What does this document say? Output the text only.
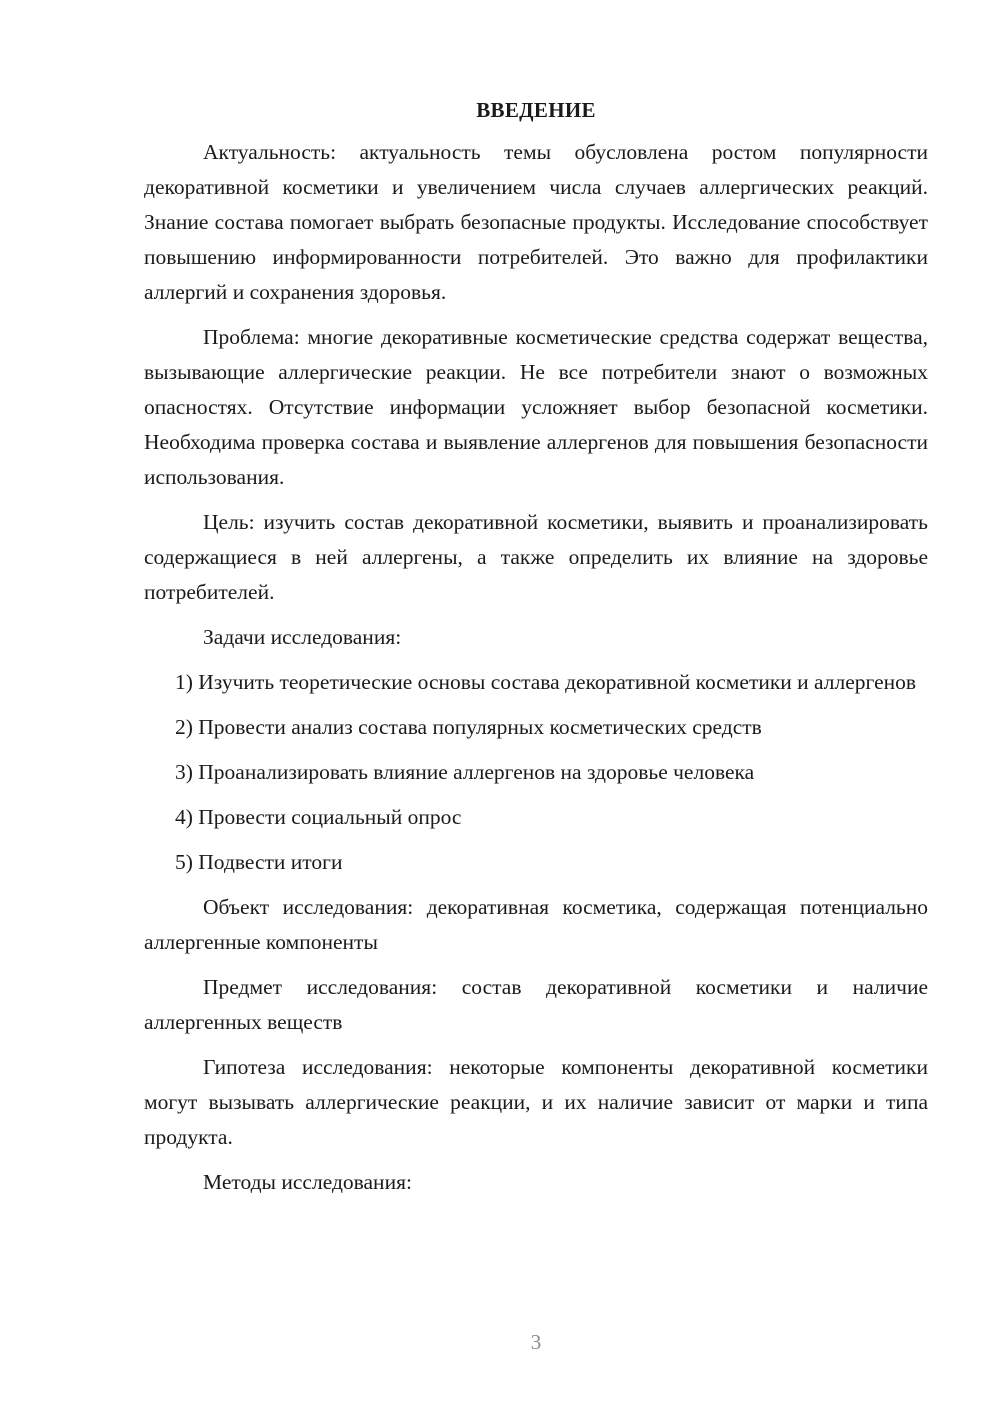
ВВЕДЕНИЕ

Актуальность: актуальность темы обусловлена ростом популярности декоративной косметики и увеличением числа случаев аллергических реакций. Знание состава помогает выбрать безопасные продукты. Исследование способствует повышению информированности потребителей. Это важно для профилактики аллергий и сохранения здоровья.

Проблема: многие декоративные косметические средства содержат вещества, вызывающие аллергические реакции. Не все потребители знают о возможных опасностях. Отсутствие информации усложняет выбор безопасной косметики. Необходима проверка состава и выявление аллергенов для повышения безопасности использования.

Цель: изучить состав декоративной косметики, выявить и проанализировать содержащиеся в ней аллергены, а также определить их влияние на здоровье потребителей.

Задачи исследования:

1) Изучить теоретические основы состава декоративной косметики и аллергенов

2) Провести анализ состава популярных косметических средств

3) Проанализировать влияние аллергенов на здоровье человека

4) Провести социальный опрос

5) Подвести итоги

Объект исследования: декоративная косметика, содержащая потенциально аллергенные компоненты

Предмет исследования: состав декоративной косметики и наличие аллергенных веществ

Гипотеза исследования: некоторые компоненты декоративной косметики могут вызывать аллергические реакции, и их наличие зависит от марки и типа продукта.

Методы исследования:

3
